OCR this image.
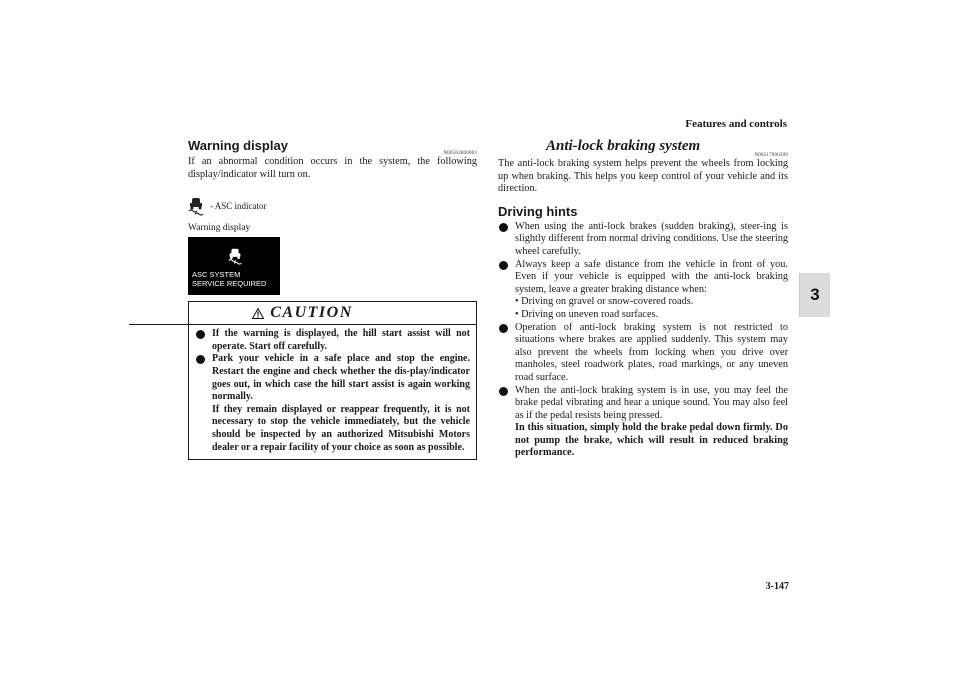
Features and controls
3
3-147
Warning display
N00562800063

If an abnormal condition occurs in the system, the following display/indicator will turn on.

- ASC indicator
Warning display
ASC SYSTEM
SERVICE REQUIRED
CAUTION
If the warning is displayed, the hill start assist will not operate. Start off carefully.
Park your vehicle in a safe place and stop the engine. Restart the engine and check whether the dis-play/indicator goes out, in which case the hill start assist is again working normally.
If they remain displayed or reappear frequently, it is not necessary to stop the vehicle immediately, but the vehicle should be inspected by an authorized Mitsubishi Motors dealer or a repair facility of your choice as soon as possible.
Anti-lock braking system
N00517900309

The anti-lock braking system helps prevent the wheels from locking up when braking. This helps you keep control of your vehicle and its direction.

Driving hints
When using the anti-lock brakes (sudden braking), steer-ing is slightly different from normal driving conditions. Use the steering wheel carefully.
Always keep a safe distance from the vehicle in front of you. Even if your vehicle is equipped with the anti-lock braking system, leave a greater braking distance when:
• Driving on gravel or snow-covered roads.
• Driving on uneven road surfaces.
Operation of anti-lock braking system is not restricted to situations where brakes are applied suddenly. This system may also prevent the wheels from locking when you drive over manholes, steel roadwork plates, road markings, or any uneven road surface.
When the anti-lock braking system is in use, you may feel the brake pedal vibrating and hear a unique sound. You may also feel as if the pedal resists being pressed.
In this situation, simply hold the brake pedal down firmly. Do not pump the brake, which will result in reduced braking performance.
